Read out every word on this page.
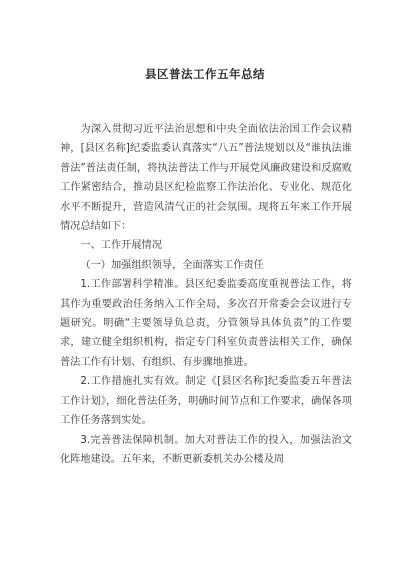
县区普法工作五年总结

为深入贯彻习近平法治思想和中央全面依法治国工作会议精神，[县区名称]纪委监委认真落实“八五”普法规划以及“谁执法谁普法”普法责任制，将执法普法工作与开展党风廉政建设和反腐败工作紧密结合，推动县区纪检监察工作法治化、专业化、规范化水平不断提升，营造风清气正的社会氛围。现将五年来工作开展情况总结如下：

一、工作开展情况

（一）加强组织领导，全面落实工作责任

1.工作部署科学精准。县区纪委监委高度重视普法工作，将其作为重要政治任务纳入工作全局，多次召开常委会会议进行专题研究。明确“主要领导负总责，分管领导具体负责”的工作要求，建立健全组织机构，指定专门科室负责普法相关工作，确保普法工作有计划、有组织、有步骤地推进。

2.工作措施扎实有效。制定《[县区名称]纪委监委五年普法工作计划》，细化普法任务，明确时间节点和工作要求，确保各项工作任务落到实处。

3.完善普法保障机制。加大对普法工作的投入，加强法治文化阵地建设。五年来，不断更新委机关办公楼及周
